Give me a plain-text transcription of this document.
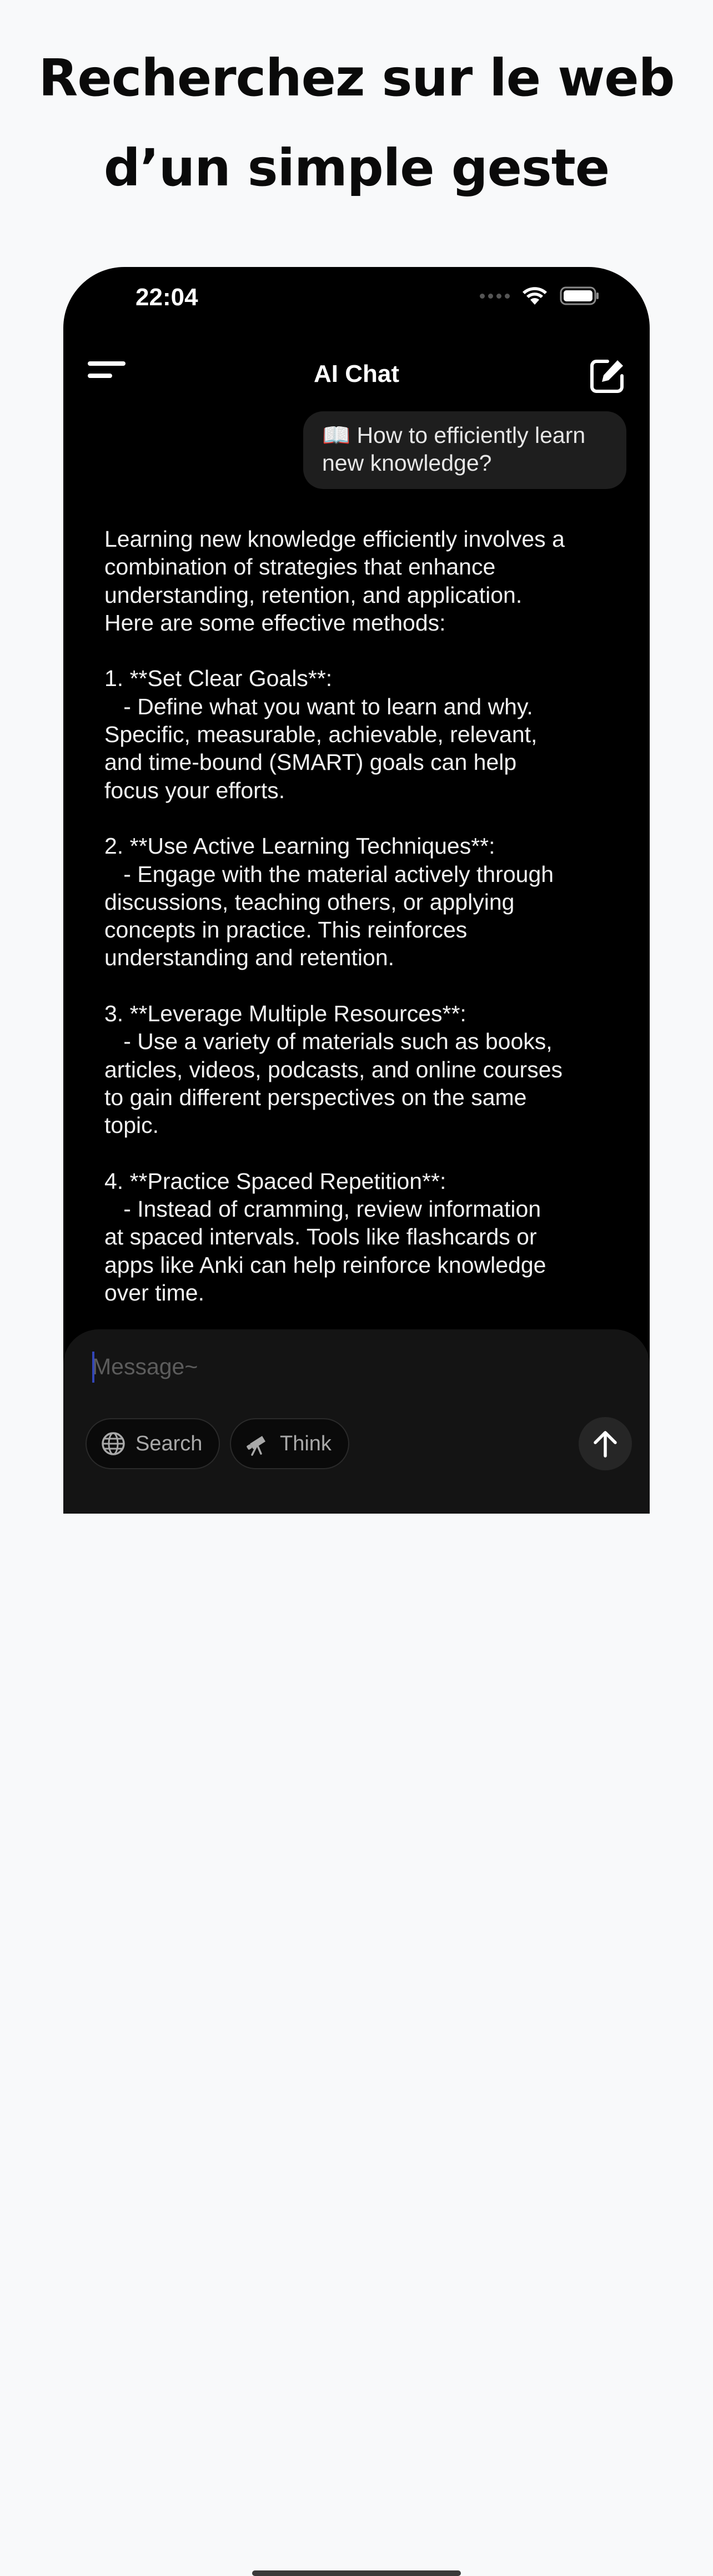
Recherchez sur le web
d’un simple geste
22:04
AI Chat
📖 How to efficiently learn new knowledge?
Learning new knowledge efficiently involves a combination of strategies that enhance understanding, retention, and application. Here are some effective methods:

1. **Set Clear Goals**:
- Define what you want to learn and why. Specific, measurable, achievable, relevant, and time-bound (SMART) goals can help focus your efforts.

2. **Use Active Learning Techniques**:
- Engage with the material actively through discussions, teaching others, or applying concepts in practice. This reinforces understanding and retention.

3. **Leverage Multiple Resources**:
- Use a variety of materials such as books, articles, videos, podcasts, and online courses to gain different perspectives on the same topic.

4. **Practice Spaced Repetition**:
- Instead of cramming, review information at spaced intervals. Tools like flashcards or apps like Anki can help reinforce knowledge over time.
Message~
Search	Think
